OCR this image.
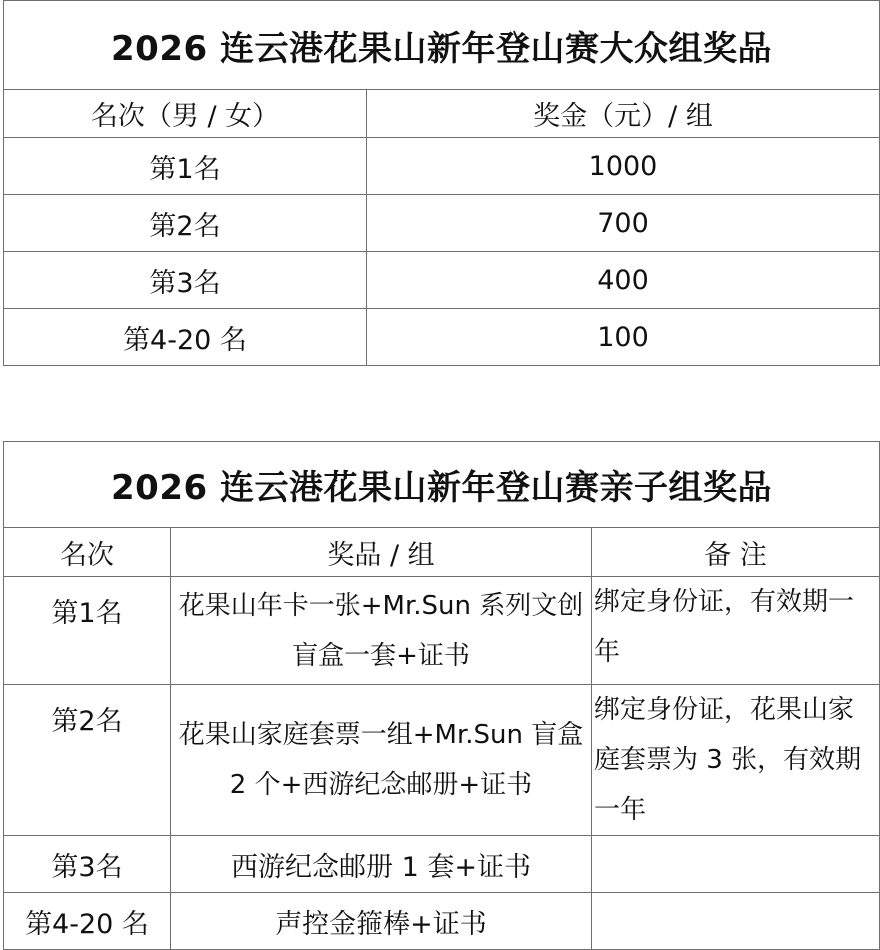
2026 连云港花果山新年登山赛大众组奖品	
名次（男 / 女）	奖金（元）/ 组
第1名	1000
第2名	700
第3名	400
第4-20 名	100
2026 连云港花果山新年登山赛亲子组奖品		
名次	奖品 / 组	备 注
第1名	花果山年卡一张+Mr.Sun 系列文创盲盒一套+证书	绑定身份证，有效期一年
第2名	花果山家庭套票一组+Mr.Sun 盲盒 2 个+西游纪念邮册+证书	绑定身份证，花果山家庭套票为 3 张，有效期一年
第3名	西游纪念邮册 1 套+证书	
第4-20 名	声控金箍棒+证书	
